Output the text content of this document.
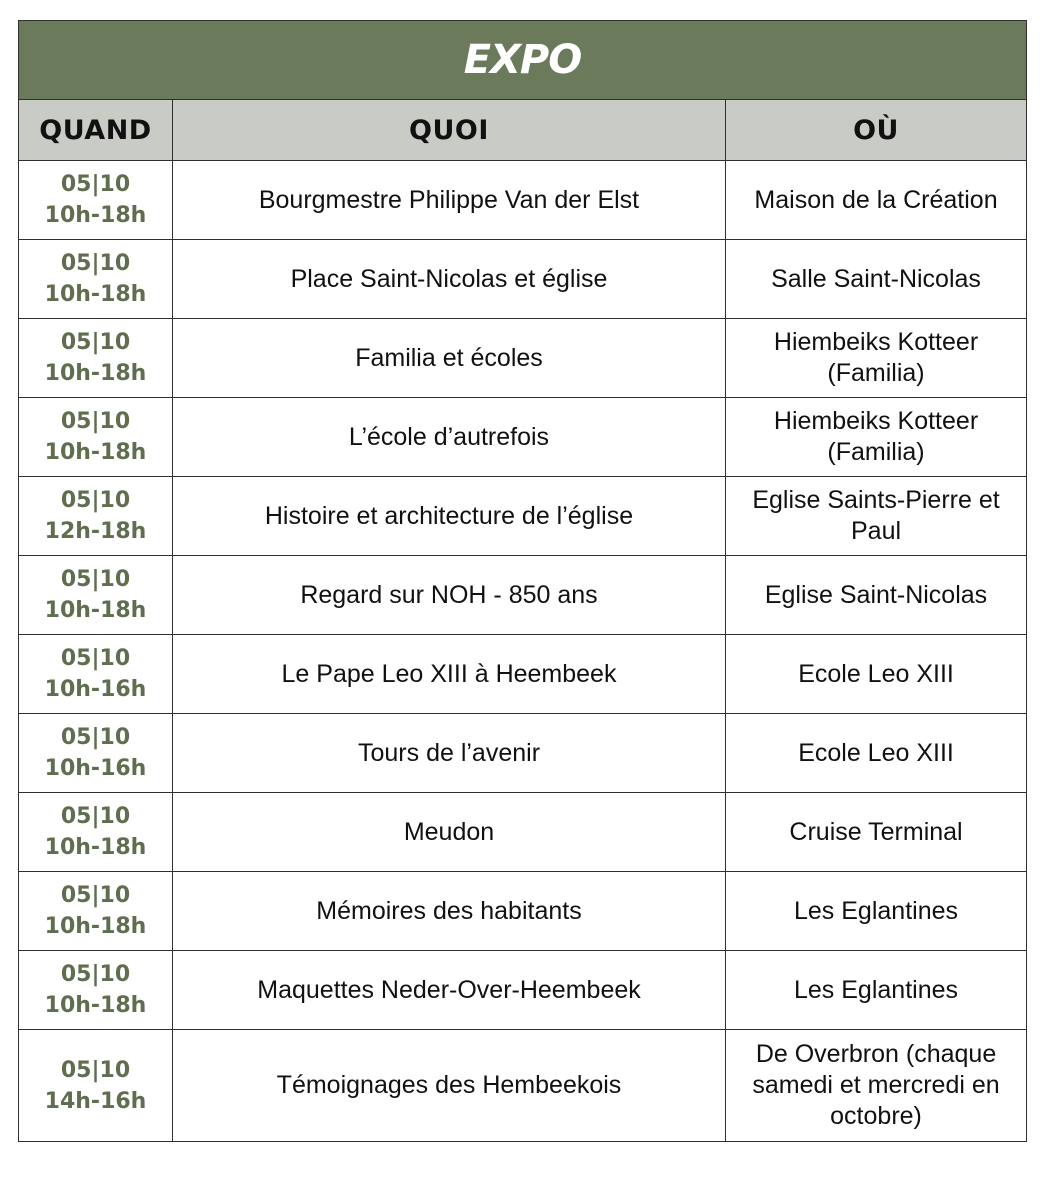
EXPO		
QUAND	QUOI	OÙ

05|10
10h-18h	Bourgmestre Philippe Van der Elst	Maison de la Création

05|10
10h-18h	Place Saint-Nicolas et église	Salle Saint-Nicolas

05|10
10h-18h	Familia et écoles	Hiembeiks Kotteer (Familia)

05|10
10h-18h	L’école d’autrefois	Hiembeiks Kotteer (Familia)

05|10
12h-18h	Histoire et architecture de l’église	Eglise Saints-Pierre et Paul

05|10
10h-18h	Regard sur NOH - 850 ans	Eglise Saint-Nicolas

05|10
10h-16h	Le Pape Leo XIII à Heembeek	Ecole Leo XIII

05|10
10h-16h	Tours de l’avenir	Ecole Leo XIII

05|10
10h-18h	Meudon	Cruise Terminal

05|10
10h-18h	Mémoires des habitants	Les Eglantines

05|10
10h-18h	Maquettes Neder-Over-Heembeek	Les Eglantines

05|10
14h-16h	Témoignages des Hembeekois	De Overbron (chaque samedi et mercredi en octobre)
